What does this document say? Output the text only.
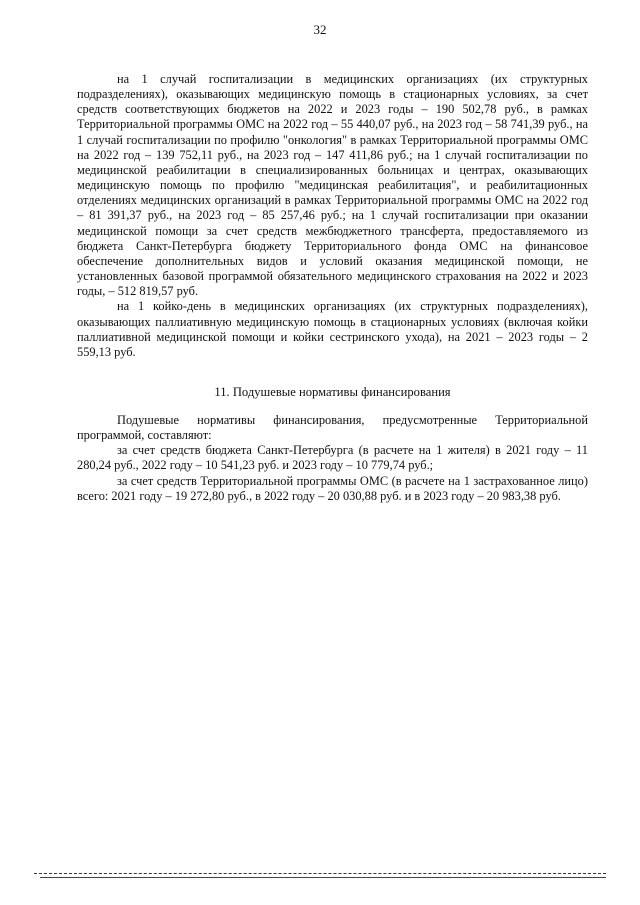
32

на 1 случай госпитализации в медицинских организациях (их структурных подразделениях), оказывающих медицинскую помощь в стационарных условиях, за счет средств соответствующих бюджетов на 2022 и 2023 годы – 190 502,78 руб., в рамках Территориальной программы ОМС на 2022 год – 55 440,07 руб., на 2023 год – 58 741,39 руб., на 1 случай госпитализации по профилю "онкология" в рамках Территориальной программы ОМС на 2022 год – 139 752,11 руб., на 2023 год – 147 411,86 руб.; на 1 случай госпитализации по медицинской реабилитации в специализированных больницах и центрах, оказывающих медицинскую помощь по профилю "медицинская реабилитация", и реабилитационных отделениях медицинских организаций в рамках Территориальной программы ОМС на 2022 год – 81 391,37 руб., на 2023 год – 85 257,46 руб.; на 1 случай госпитализации при оказании медицинской помощи за счет средств межбюджетного трансферта, предоставляемого из бюджета Санкт-Петербурга бюджету Территориального фонда ОМС на финансовое обеспечение дополнительных видов и условий оказания медицинской помощи, не установленных базовой программой обязательного медицинского страхования на 2022 и 2023 годы, – 512 819,57 руб.

на 1 койко-день в медицинских организациях (их структурных подразделениях), оказывающих паллиативную медицинскую помощь в стационарных условиях (включая койки паллиативной медицинской помощи и койки сестринского ухода), на 2021 – 2023 годы – 2 559,13 руб.

11. Подушевые нормативы финансирования

Подушевые нормативы финансирования, предусмотренные Территориальной программой, составляют:

за счет средств бюджета Санкт-Петербурга (в расчете на 1 жителя) в 2021 году – 11 280,24 руб., 2022 году – 10 541,23 руб. и 2023 году – 10 779,74 руб.;

за счет средств Территориальной программы ОМС (в расчете на 1 застрахованное лицо) всего: 2021 году – 19 272,80 руб., в 2022 году – 20 030,88 руб. и в 2023 году – 20 983,38 руб.
